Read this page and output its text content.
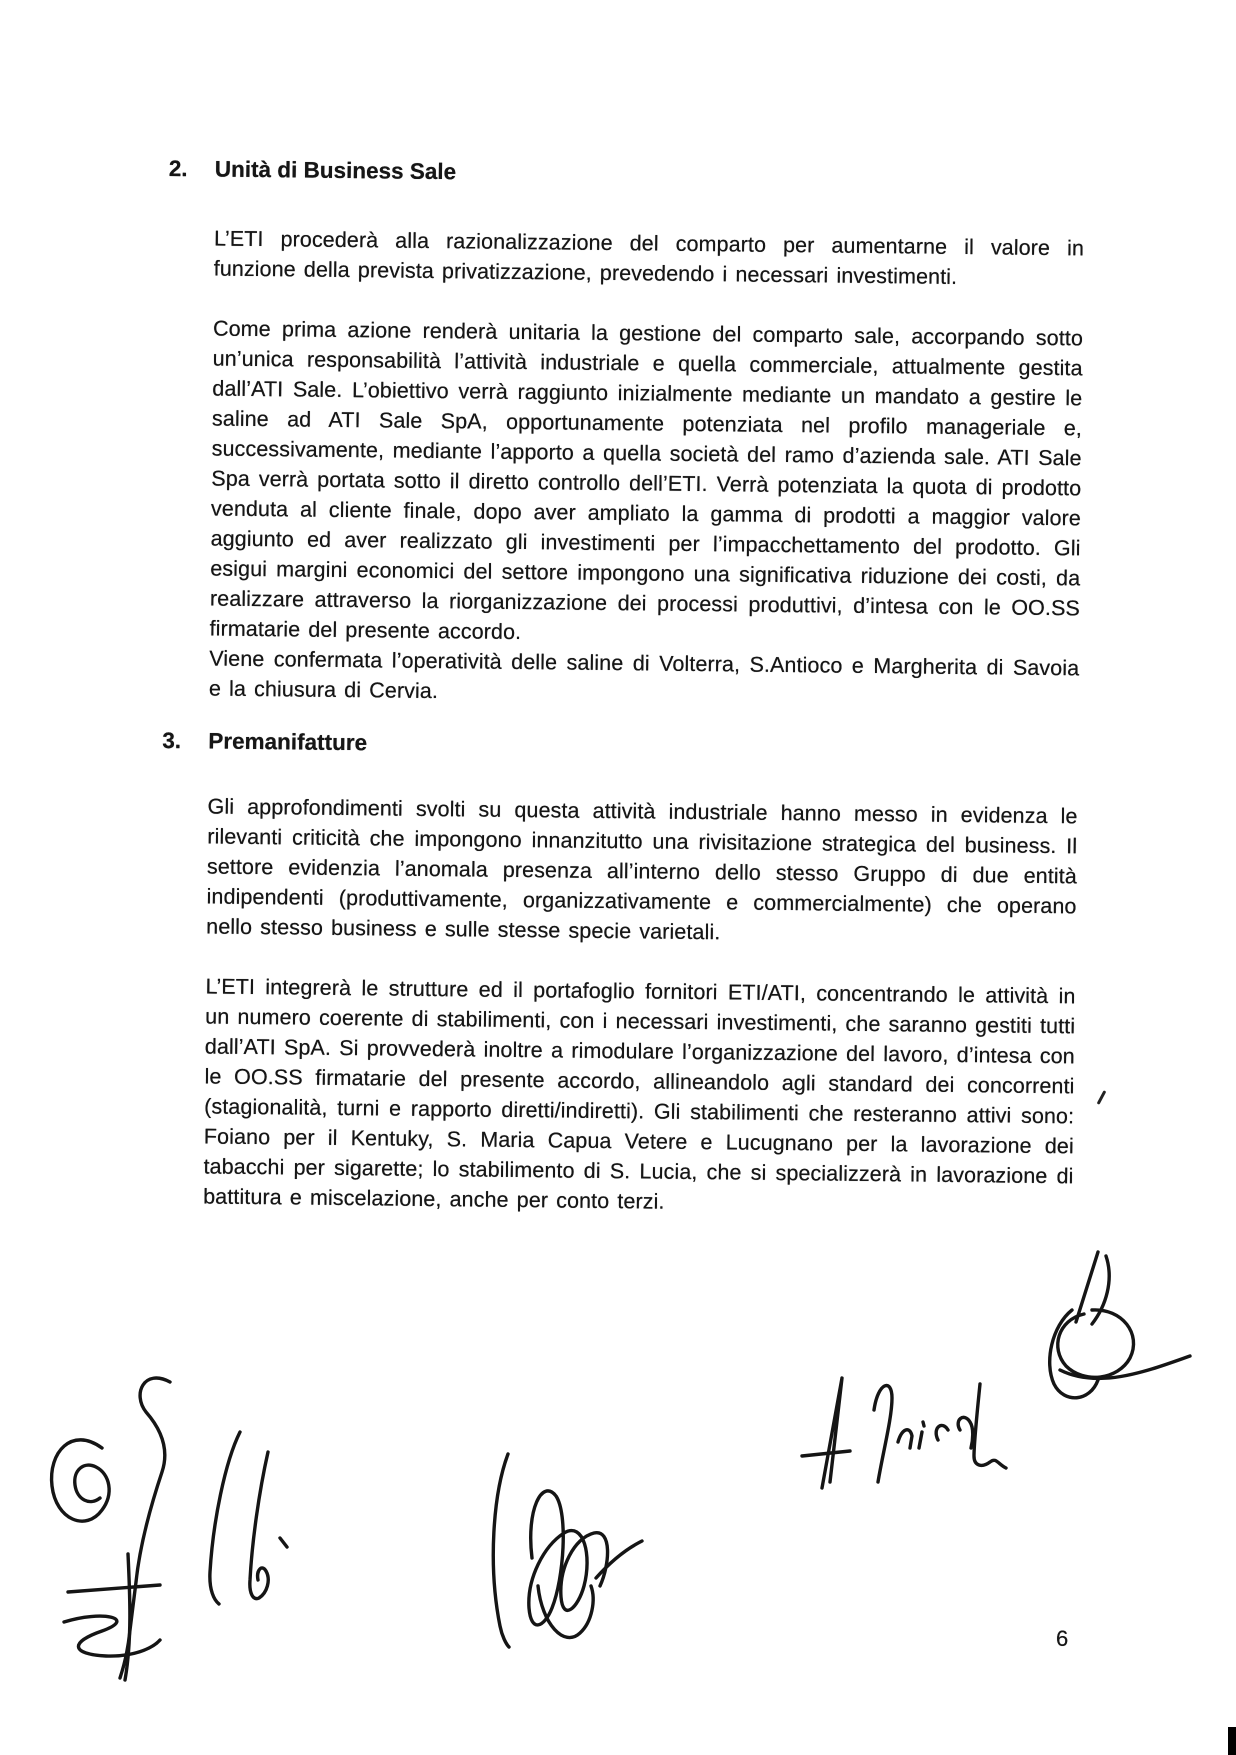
2.	Unità di Business Sale

L’ETI procederà alla razionalizzazione del comparto per aumentarne il valore in funzione della prevista privatizzazione, prevedendo i necessari investimenti.

Come prima azione renderà unitaria la gestione del comparto sale, accorpando sotto un’unica responsabilità l’attività industriale e quella commerciale, attualmente gestita dall’ATI Sale. L’obiettivo verrà raggiunto inizialmente mediante un mandato a gestire le saline ad ATI Sale SpA, opportunamente potenziata nel profilo manageriale e, successivamente, mediante l’apporto a quella società del ramo d’azienda sale. ATI Sale Spa verrà portata sotto il diretto controllo dell’ETI. Verrà potenziata la quota di prodotto venduta al cliente finale, dopo aver ampliato la gamma di prodotti a maggior valore aggiunto ed aver realizzato gli investimenti per l’impacchettamento del prodotto. Gli esigui margini economici del settore impongono una significativa riduzione dei costi, da realizzare attraverso la riorganizzazione dei processi produttivi, d’intesa con le OO.SS firmatarie del presente accordo.

Viene confermata l’operatività delle saline di Volterra, S.Antioco e Margherita di Savoia e la chiusura di Cervia.

3.	Premanifatture

Gli approfondimenti svolti su questa attività industriale hanno messo in evidenza le rilevanti criticità che impongono innanzitutto una rivisitazione strategica del business. Il settore evidenzia l’anomala presenza all’interno dello stesso Gruppo di due entità indipendenti (produttivamente, organizzativamente e commercialmente) che operano nello stesso business e sulle stesse specie varietali.

L’ETI integrerà le strutture ed il portafoglio fornitori ETI/ATI, concentrando le attività in un numero coerente di stabilimenti, con i necessari investimenti, che saranno gestiti tutti dall’ATI SpA. Si provvederà inoltre a rimodulare l’organizzazione del lavoro, d’intesa con le OO.SS firmatarie del presente accordo, allineandolo agli standard dei concorrenti (stagionalità, turni e rapporto diretti/indiretti). Gli stabilimenti che resteranno attivi sono: Foiano per il Kentuky, S. Maria Capua Vetere e Lucugnano per la lavorazione dei tabacchi per sigarette; lo stabilimento di S. Lucia, che si specializzerà in lavorazione di battitura e miscelazione, anche per conto terzi.

6
